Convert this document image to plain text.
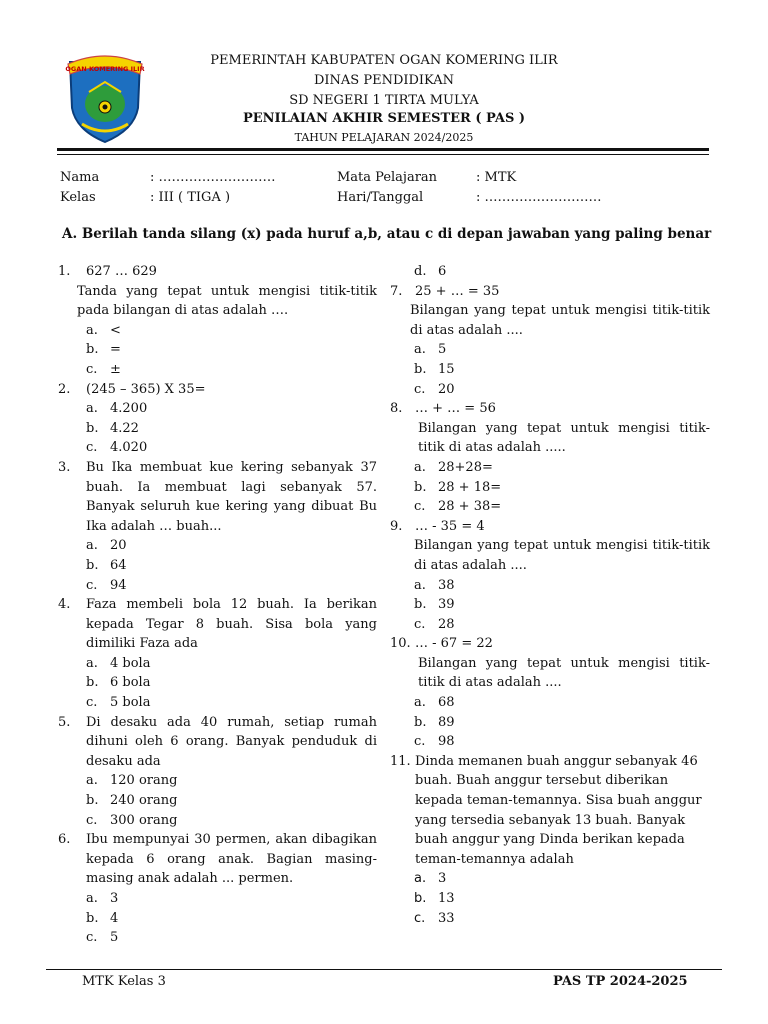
OGAN KOMERING ILIR
PEMERINTAH KABUPATEN OGAN KOMERING ILIR
DINAS PENDIDIKAN
SD NEGERI 1 TIRTA MULYA
PENILAIAN AKHIR SEMESTER ( PAS )
TAHUN PELAJARAN 2024/2025
Nama	: ………………………
Kelas	: III ( TIGA )
Mata Pelajaran	: MTK
Hari/Tanggal	: ………………………
A. Berilah tanda silang (x) pada huruf a,b, atau c di depan jawaban yang paling benar
1.	627 … 629
Tanda yang tepat untuk mengisi titik-titik pada bilangan di atas adalah ….
a. <
b. =
c. ±
2.	(245 – 365) X 35=
a. 4.200
b. 4.22
c. 4.020
3.	Bu Ika membuat kue kering sebanyak 37 buah. Ia membuat lagi sebanyak 57. Banyak seluruh kue kering yang dibuat Bu Ika adalah … buah...
a. 20
b. 64
c. 94
4.	Faza membeli bola 12 buah. Ia berikan kepada Tegar 8 buah. Sisa bola yang dimiliki Faza ada
a. 4 bola
b. 6 bola
c. 5 bola
5.	Di desaku ada 40 rumah, setiap rumah dihuni oleh 6 orang. Banyak penduduk di desaku ada
a. 120 orang
b. 240 orang
c. 300 orang
6.	Ibu mempunyai 30 permen, akan dibagikan kepada 6 orang anak. Bagian masing-masing anak adalah ... permen.
a. 3
b. 4
c. 5
d. 6
7. 25 + … = 35
Bilangan yang tepat untuk mengisi titik-titik di atas adalah ....
a. 5
b. 15
c. 20
8. … + … = 56
Bilangan yang tepat untuk mengisi titik-titik di atas adalah .....
a. 28+28=
b. 28 + 18=
c. 28 + 38=
9. … - 35 = 4
Bilangan yang tepat untuk mengisi titik-titik di atas adalah ....
a. 38
b. 39
c. 28
10. … - 67 = 22
Bilangan yang tepat untuk mengisi titik-titik di atas adalah ....
a. 68
b. 89
c. 98
11. Dinda memanen buah anggur sebanyak 46 buah. Buah anggur tersebut diberikan kepada teman-temannya. Sisa buah anggur yang tersedia sebanyak 13 buah. Banyak buah anggur yang Dinda berikan kepada teman-temannya adalah
a. 3
b. 13
c. 33
MTK Kelas 3	PAS TP 2024-2025
